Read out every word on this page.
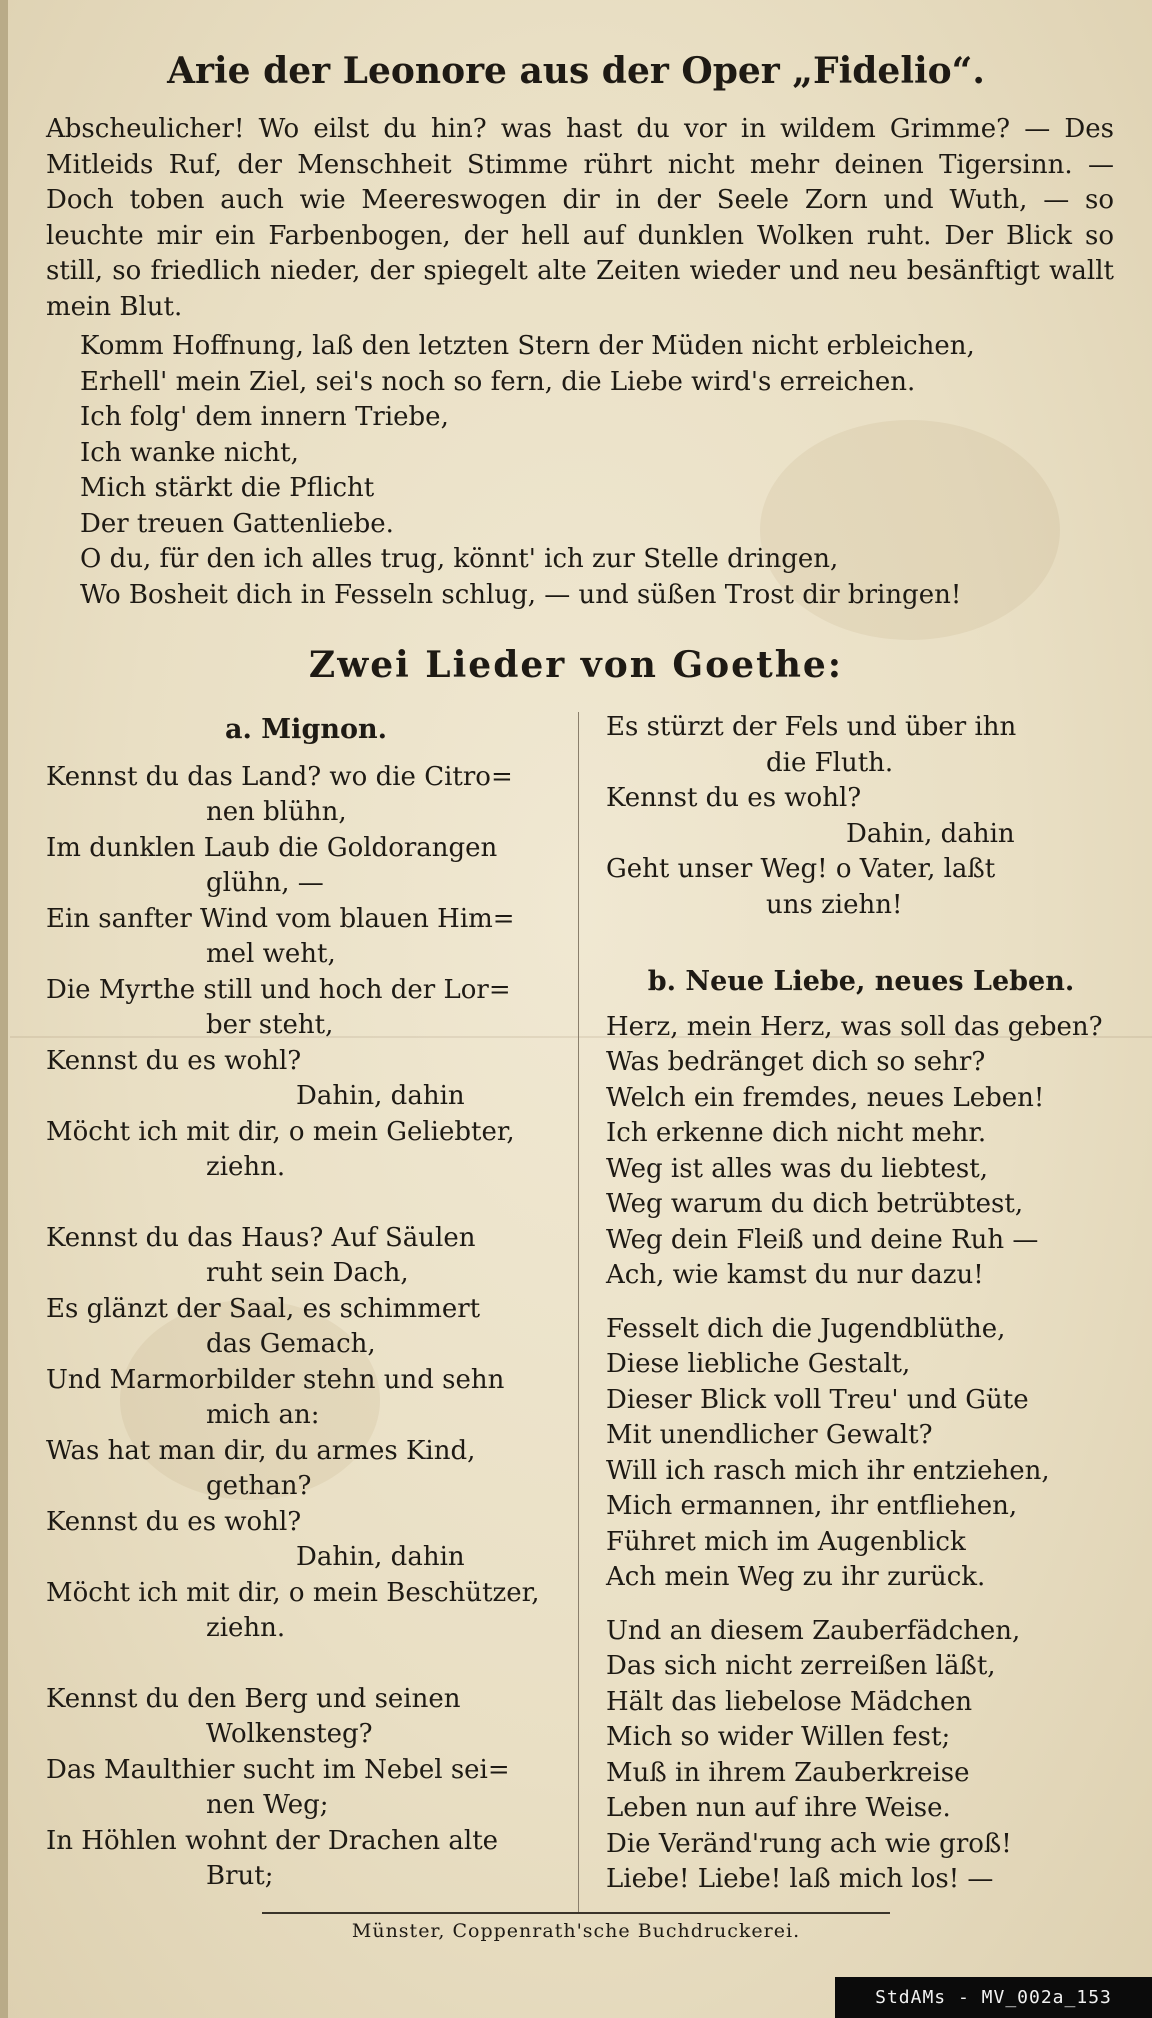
Arie der Leonore aus der Oper „Fidelio“.
Abscheulicher! Wo eilst du hin? was hast du vor in wildem Grimme? — Des Mitleids Ruf, der Menschheit Stimme rührt nicht mehr deinen Tigersinn. — Doch toben auch wie Meereswogen dir in der Seele Zorn und Wuth, — so leuchte mir ein Farbenbogen, der hell auf dunklen Wolken ruht. Der Blick so still, so friedlich nieder, der spiegelt alte Zeiten wieder und neu besänftigt wallt mein Blut.
Komm Hoffnung, laß den letzten Stern der Müden nicht erbleichen,
Erhell' mein Ziel, sei's noch so fern, die Liebe wird's erreichen.
Ich folg' dem innern Triebe,
Ich wanke nicht,
Mich stärkt die Pflicht
Der treuen Gattenliebe.
O du, für den ich alles trug, könnt' ich zur Stelle dringen,
Wo Bosheit dich in Fesseln schlug, — und süßen Trost dir bringen!
Zwei Lieder von Goethe:
a. Mignon.
Kennst du das Land? wo die Citro=
nen blühn,
Im dunklen Laub die Goldorangen
glühn, —
Ein sanfter Wind vom blauen Him=
mel weht,
Die Myrthe still und hoch der Lor=
ber steht,
Kennst du es wohl?
Dahin, dahin
Möcht ich mit dir, o mein Geliebter,
ziehn.
Kennst du das Haus? Auf Säulen
ruht sein Dach,
Es glänzt der Saal, es schimmert
das Gemach,
Und Marmorbilder stehn und sehn
mich an:
Was hat man dir, du armes Kind,
gethan?
Kennst du es wohl?
Dahin, dahin
Möcht ich mit dir, o mein Beschützer,
ziehn.
Kennst du den Berg und seinen
Wolkensteg?
Das Maulthier sucht im Nebel sei=
nen Weg;
In Höhlen wohnt der Drachen alte
Brut;
Es stürzt der Fels und über ihn
die Fluth.
Kennst du es wohl?
Dahin, dahin
Geht unser Weg! o Vater, laßt
uns ziehn!
b. Neue Liebe, neues Leben.
Herz, mein Herz, was soll das geben?
Was bedränget dich so sehr?
Welch ein fremdes, neues Leben!
Ich erkenne dich nicht mehr.
Weg ist alles was du liebtest,
Weg warum du dich betrübtest,
Weg dein Fleiß und deine Ruh —
Ach, wie kamst du nur dazu!
Fesselt dich die Jugendblüthe,
Diese liebliche Gestalt,
Dieser Blick voll Treu' und Güte
Mit unendlicher Gewalt?
Will ich rasch mich ihr entziehen,
Mich ermannen, ihr entfliehen,
Führet mich im Augenblick
Ach mein Weg zu ihr zurück.
Und an diesem Zauberfädchen,
Das sich nicht zerreißen läßt,
Hält das liebelose Mädchen
Mich so wider Willen fest;
Muß in ihrem Zauberkreise
Leben nun auf ihre Weise.
Die Veränd'rung ach wie groß!
Liebe! Liebe! laß mich los! —
Münster, Coppenrath'sche Buchdruckerei.
StdAMs - MV_002a_153
